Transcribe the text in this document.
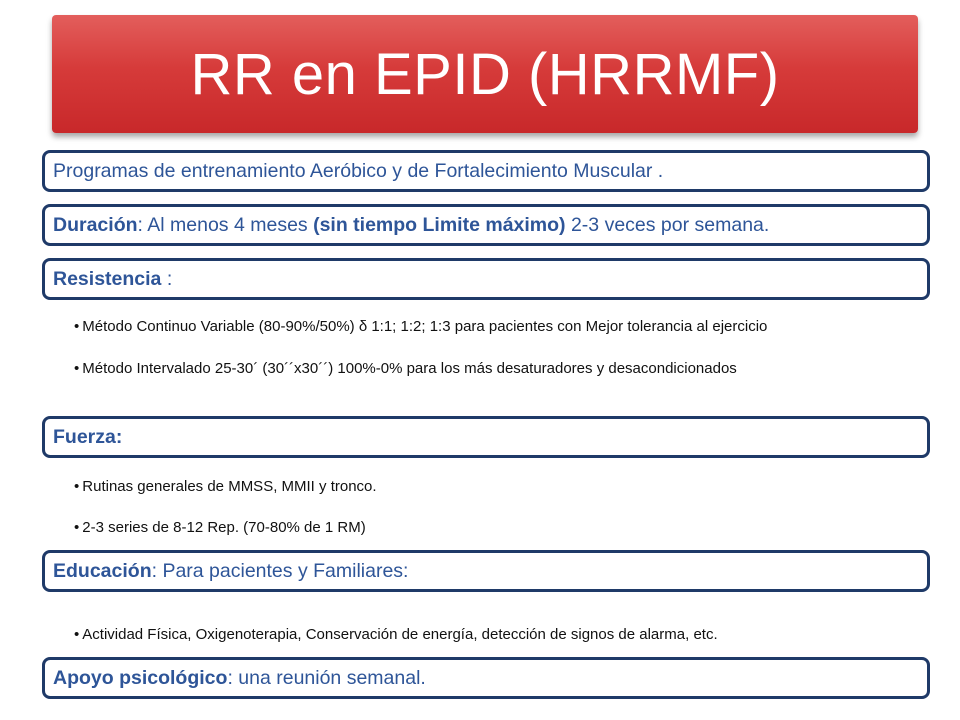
RR en EPID (HRRMF)
Programas de entrenamiento Aeróbico y de Fortalecimiento Muscular .
Duración : Al menos 4 meses (sin tiempo Limite máximo) 2-3 veces por semana.
Resistencia :
• Método Continuo Variable (80-90%/50%) δ 1:1; 1:2; 1:3 para pacientes con Mejor tolerancia al ejercicio
• Método Intervalado 25-30´ (30´´x30´´) 100%-0% para los más desaturadores y desacondicionados
Fuerza:
• Rutinas generales de MMSS, MMII y tronco.
• 2-3 series de 8-12 Rep. (70-80% de 1 RM)
Educación : Para pacientes y Familiares:
• Actividad Física, Oxigenoterapia, Conservación de energía, detección de signos de alarma, etc.
Apoyo psicológico : una reunión semanal.
